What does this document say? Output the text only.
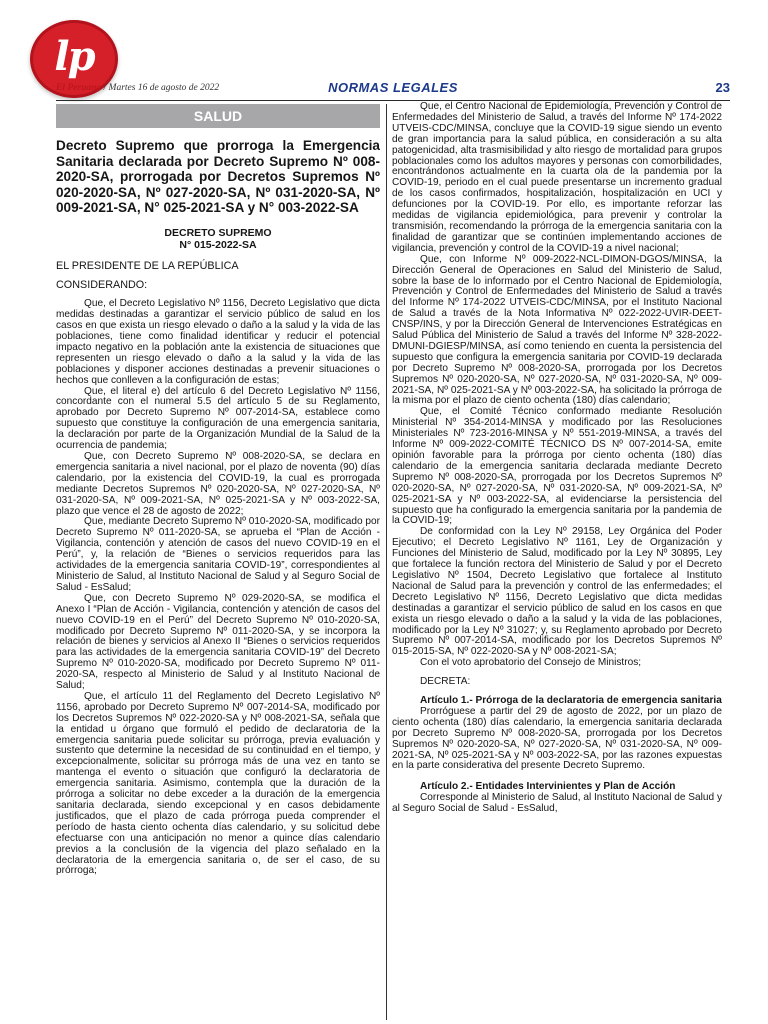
lp
El Peruano / Martes 16 de agosto de 2022	NORMAS LEGALES	23
SALUD
Decreto Supremo que prorroga la Emergencia Sanitaria declarada por Decreto Supremo Nº 008-2020-SA, prorrogada por Decretos Supremos Nº 020-2020-SA, Nº 027-2020-SA, Nº 031-2020-SA, Nº 009-2021-SA, N° 025-2021-SA y N° 003-2022-SA
DECRETO SUPREMO
N° 015-2022-SA
EL PRESIDENTE DE LA REPÚBLICA
CONSIDERANDO:

Que, el Decreto Legislativo Nº 1156, Decreto Legislativo que dicta medidas destinadas a garantizar el servicio público de salud en los casos en que exista un riesgo elevado o daño a la salud y la vida de las poblaciones, tiene como finalidad identificar y reducir el potencial impacto negativo en la población ante la existencia de situaciones que representen un riesgo elevado o daño a la salud y la vida de las poblaciones y disponer acciones destinadas a prevenir situaciones o hechos que conlleven a la configuración de estas;

Que, el literal e) del artículo 6 del Decreto Legislativo Nº 1156, concordante con el numeral 5.5 del artículo 5 de su Reglamento, aprobado por Decreto Supremo Nº 007-2014-SA, establece como supuesto que constituye la configuración de una emergencia sanitaria, la declaración por parte de la Organización Mundial de la Salud de la ocurrencia de pandemia;

Que, con Decreto Supremo Nº 008-2020-SA, se declara en emergencia sanitaria a nivel nacional, por el plazo de noventa (90) días calendario, por la existencia del COVID-19, la cual es prorrogada mediante Decretos Supremos Nº 020-2020-SA, Nº 027-2020-SA, Nº 031-2020-SA, Nº 009-2021-SA, Nº 025-2021-SA y Nº 003-2022-SA, plazo que vence el 28 de agosto de 2022;

Que, mediante Decreto Supremo Nº 010-2020-SA, modificado por Decreto Supremo Nº 011-2020-SA, se aprueba el “Plan de Acción - Vigilancia, contención y atención de casos del nuevo COVID-19 en el Perú”, y, la relación de “Bienes o servicios requeridos para las actividades de la emergencia sanitaria COVID-19”, correspondientes al Ministerio de Salud, al Instituto Nacional de Salud y al Seguro Social de Salud - EsSalud;

Que, con Decreto Supremo Nº 029-2020-SA, se modifica el Anexo I “Plan de Acción - Vigilancia, contención y atención de casos del nuevo COVID-19 en el Perú” del Decreto Supremo Nº 010-2020-SA, modificado por Decreto Supremo Nº 011-2020-SA, y se incorpora la relación de bienes y servicios al Anexo II “Bienes o servicios requeridos para las actividades de la emergencia sanitaria COVID-19” del Decreto Supremo Nº 010-2020-SA, modificado por Decreto Supremo Nº 011-2020-SA, respecto al Ministerio de Salud y al Instituto Nacional de Salud;

Que, el artículo 11 del Reglamento del Decreto Legislativo Nº 1156, aprobado por Decreto Supremo Nº 007-2014-SA, modificado por los Decretos Supremos Nº 022-2020-SA y Nº 008-2021-SA, señala que la entidad u órgano que formuló el pedido de declaratoria de la emergencia sanitaria puede solicitar su prórroga, previa evaluación y sustento que determine la necesidad de su continuidad en el tiempo, y excepcionalmente, solicitar su prórroga más de una vez en tanto se mantenga el evento o situación que configuró la declaratoria de emergencia sanitaria. Asimismo, contempla que la duración de la prórroga a solicitar no debe exceder a la duración de la emergencia sanitaria declarada, siendo excepcional y en casos debidamente justificados, que el plazo de cada prórroga pueda comprender el período de hasta ciento ochenta días calendario, y su solicitud debe efectuarse con una anticipación no menor a quince días calendario previos a la conclusión de la vigencia del plazo señalado en la declaratoria de la emergencia sanitaria o, de ser el caso, de su prórroga;

Que, el Centro Nacional de Epidemiología, Prevención y Control de Enfermedades del Ministerio de Salud, a través del Informe Nº 174-2022 UTVEIS-CDC/MINSA, concluye que la COVID-19 sigue siendo un evento de gran importancia para la salud pública, en consideración a su alta patogenicidad, alta trasmisibilidad y alto riesgo de mortalidad para grupos poblacionales como los adultos mayores y personas con comorbilidades, encontrándonos actualmente en la cuarta ola de la pandemia por la COVID-19, periodo en el cual puede presentarse un incremento gradual de los casos confirmados, hospitalización, hospitalización en UCI y defunciones por la COVID-19. Por ello, es importante reforzar las medidas de vigilancia epidemiológica, para prevenir y controlar la transmisión, recomendando la prórroga de la emergencia sanitaria con la finalidad de garantizar que se continúen implementando acciones de vigilancia, prevención y control de la COVID-19 a nivel nacional;

Que, con Informe Nº 009-2022-NCL-DIMON-DGOS/MINSA, la Dirección General de Operaciones en Salud del Ministerio de Salud, sobre la base de lo informado por el Centro Nacional de Epidemiología, Prevención y Control de Enfermedades del Ministerio de Salud a través del Informe Nº 174-2022 UTVEIS-CDC/MINSA, por el Instituto Nacional de Salud a través de la Nota Informativa Nº 022-2022-UVIR-DEET-CNSP/INS, y por la Dirección General de Intervenciones Estratégicas en Salud Pública del Ministerio de Salud a través del Informe Nº 328-2022-DMUNI-DGIESP/MINSA, así como teniendo en cuenta la persistencia del supuesto que configura la emergencia sanitaria por COVID-19 declarada por Decreto Supremo Nº 008-2020-SA, prorrogada por los Decretos Supremos Nº 020-2020-SA, Nº 027-2020-SA, Nº 031-2020-SA, Nº 009-2021-SA, Nº 025-2021-SA y Nº 003-2022-SA, ha solicitado la prórroga de la misma por el plazo de ciento ochenta (180) días calendario;

Que, el Comité Técnico conformado mediante Resolución Ministerial Nº 354-2014-MINSA y modificado por las Resoluciones Ministeriales Nº 723-2016-MINSA y Nº 551-2019-MINSA, a través del Informe Nº 009-2022-COMITÉ TÉCNICO DS Nº 007-2014-SA, emite opinión favorable para la prórroga por ciento ochenta (180) días calendario de la emergencia sanitaria declarada mediante Decreto Supremo Nº 008-2020-SA, prorrogada por los Decretos Supremos Nº 020-2020-SA, Nº 027-2020-SA, Nº 031-2020-SA, Nº 009-2021-SA, Nº 025-2021-SA y Nº 003-2022-SA, al evidenciarse la persistencia del supuesto que ha configurado la emergencia sanitaria por la pandemia de la COVID-19;

De conformidad con la Ley Nº 29158, Ley Orgánica del Poder Ejecutivo; el Decreto Legislativo Nº 1161, Ley de Organización y Funciones del Ministerio de Salud, modificado por la Ley Nº 30895, Ley que fortalece la función rectora del Ministerio de Salud y por el Decreto Legislativo Nº 1504, Decreto Legislativo que fortalece al Instituto Nacional de Salud para la prevención y control de las enfermedades; el Decreto Legislativo Nº 1156, Decreto Legislativo que dicta medidas destinadas a garantizar el servicio público de salud en los casos en que exista un riesgo elevado o daño a la salud y la vida de las poblaciones, modificado por la Ley Nº 31027; y, su Reglamento aprobado por Decreto Supremo Nº 007-2014-SA, modificado por los Decretos Supremos Nº 015-2015-SA, Nº 022-2020-SA y Nº 008-2021-SA;

Con el voto aprobatorio del Consejo de Ministros;

DECRETA:

Artículo 1.- Prórroga de la declaratoria de emergencia sanitaria

Prorróguese a partir del 29 de agosto de 2022, por un plazo de ciento ochenta (180) días calendario, la emergencia sanitaria declarada por Decreto Supremo Nº 008-2020-SA, prorrogada por los Decretos Supremos Nº 020-2020-SA, Nº 027-2020-SA, Nº 031-2020-SA, Nº 009-2021-SA, Nº 025-2021-SA y Nº 003-2022-SA, por las razones expuestas en la parte considerativa del presente Decreto Supremo.

Artículo 2.- Entidades Intervinientes y Plan de Acción

Corresponde al Ministerio de Salud, al Instituto Nacional de Salud y al Seguro Social de Salud - EsSalud,
